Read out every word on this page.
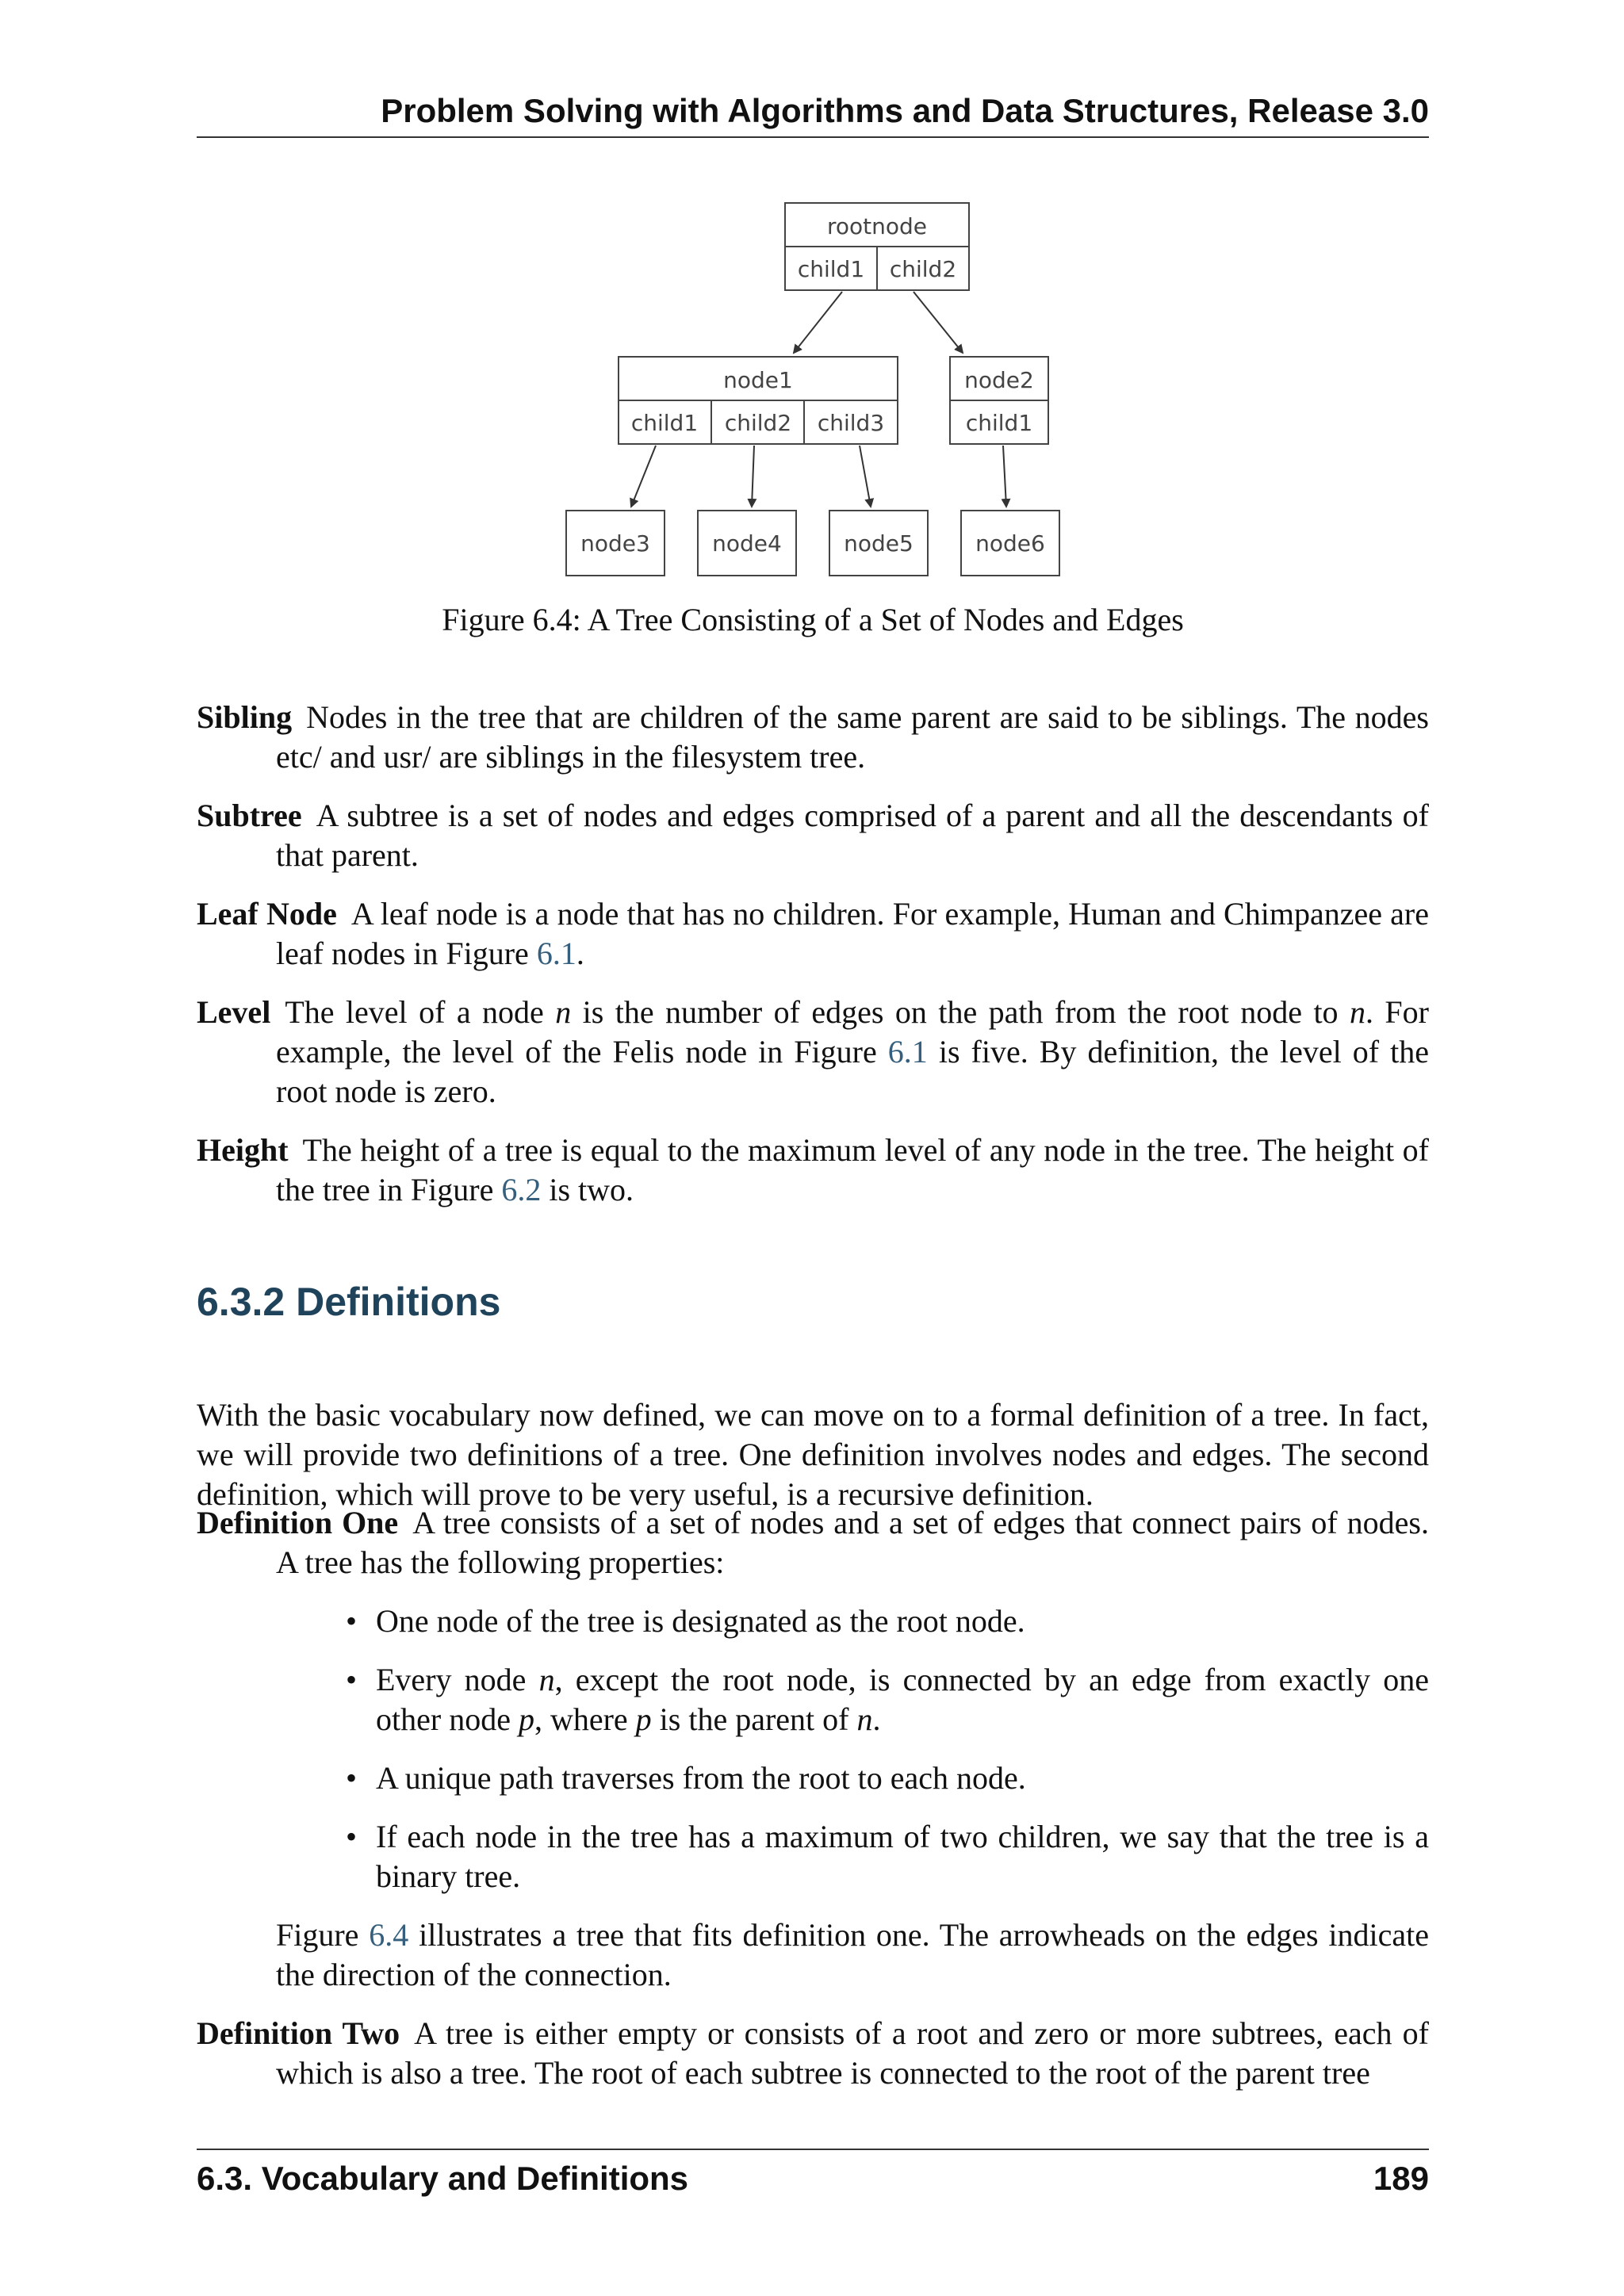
Problem Solving with Algorithms and Data Structures, Release 3.0
rootnode
child1 child2
node1
child1 child2 child3
node2
child1
node3	node4	node5	node6
Figure 6.4: A Tree Consisting of a Set of Nodes and Edges

Sibling Nodes in the tree that are children of the same parent are said to be siblings. The nodes etc/ and usr/ are siblings in the filesystem tree.

Subtree A subtree is a set of nodes and edges comprised of a parent and all the descendants of that parent.

Leaf Node A leaf node is a node that has no children. For example, Human and Chimpanzee are leaf nodes in Figure 6.1.

Level The level of a node n is the number of edges on the path from the root node to n. For example, the level of the Felis node in Figure 6.1 is five. By definition, the level of the root node is zero.

Height The height of a tree is equal to the maximum level of any node in the tree. The height of the tree in Figure 6.2 is two.

6.3.2 Definitions

With the basic vocabulary now defined, we can move on to a formal definition of a tree. In fact, we will provide two definitions of a tree. One definition involves nodes and edges. The second definition, which will prove to be very useful, is a recursive definition.

Definition One A tree consists of a set of nodes and a set of edges that connect pairs of nodes. A tree has the following properties:
• One node of the tree is designated as the root node.
• Every node n, except the root node, is connected by an edge from exactly one other node p, where p is the parent of n.
• A unique path traverses from the root to each node.
• If each node in the tree has a maximum of two children, we say that the tree is a binary tree.

Figure 6.4 illustrates a tree that fits definition one. The arrowheads on the edges indicate the direction of the connection.

Definition Two A tree is either empty or consists of a root and zero or more subtrees, each of which is also a tree. The root of each subtree is connected to the root of the parent tree

6.3. Vocabulary and Definitions	189
